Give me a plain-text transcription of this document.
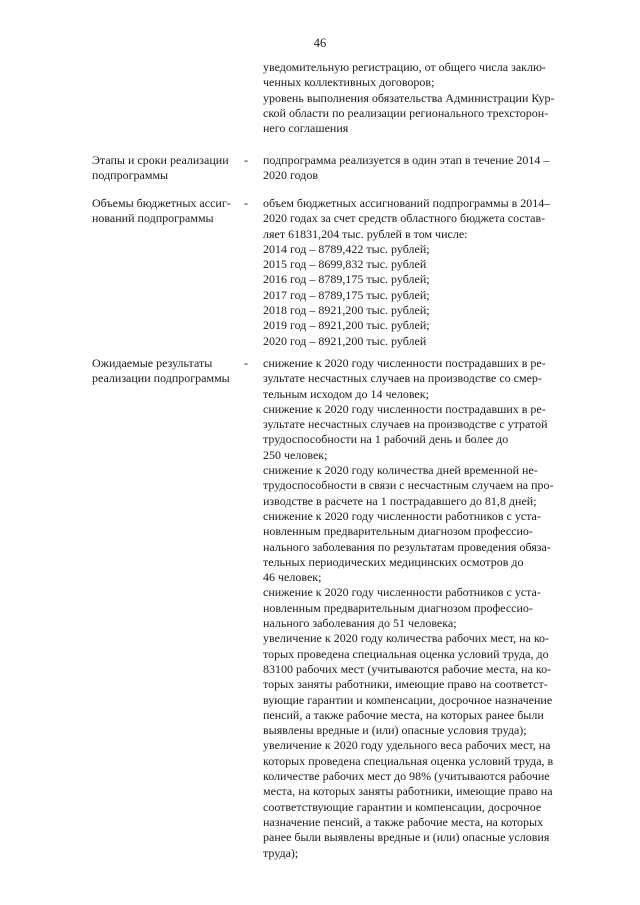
46
уведомительную регистрацию, от общего числа заклю-
ченных коллективных договоров;
уровень выполнения обязательства Администрации Кур-
ской области по реализации регионального трехсторон-
него соглашения
Этапы и сроки реализации подпрограммы
- подпрограмма реализуется в один этап в течение 2014 –
2020 годов
Объемы бюджетных ассиг-нований подпрограммы
- объем бюджетных ассигнований подпрограммы в 2014–
2020 годах за счет средств областного бюджета состав-
ляет 61831,204 тыс. рублей в том числе:
2014 год – 8789,422 тыс. рублей;
2015 год – 8699,832 тыс. рублей
2016 год – 8789,175 тыс. рублей;
2017 год – 8789,175 тыс. рублей;
2018 год – 8921,200 тыс. рублей;
2019 год – 8921,200 тыс. рублей;
2020 год – 8921,200 тыс. рублей
Ожидаемые результаты реализации подпрограммы
- снижение к 2020 году численности пострадавших в ре-
зультате несчастных случаев на производстве со смер-
тельным исходом до 14 человек;
снижение к 2020 году численности пострадавших в ре-
зультате несчастных случаев на производстве с утратой
трудоспособности на 1 рабочий день и более до
250 человек;
снижение к 2020 году количества дней временной не-
трудоспособности в связи с несчастным случаем на про-
изводстве в расчете на 1 пострадавшего до 81,8 дней;
снижение к 2020 году численности работников с уста-
новленным предварительным диагнозом профессио-
нального заболевания по результатам проведения обяза-
тельных периодических медицинских осмотров до
46 человек;
снижение к 2020 году численности работников с уста-
новленным предварительным диагнозом профессио-
нального заболевания до 51 человека;
увеличение к 2020 году количества рабочих мест, на ко-
торых проведена специальная оценка условий труда, до
83100 рабочих мест (учитываются рабочие места, на ко-
торых заняты работники, имеющие право на соответст-
вующие гарантии и компенсации, досрочное назначение
пенсий, а также рабочие места, на которых ранее были
выявлены вредные и (или) опасные условия труда);
увеличение к 2020 году удельного веса рабочих мест, на
которых проведена специальная оценка условий труда, в
количестве рабочих мест до 98% (учитываются рабочие
места, на которых заняты работники, имеющие право на
соответствующие гарантии и компенсации, досрочное
назначение пенсий, а также рабочие места, на которых
ранее были выявлены вредные и (или) опасные условия
труда);
